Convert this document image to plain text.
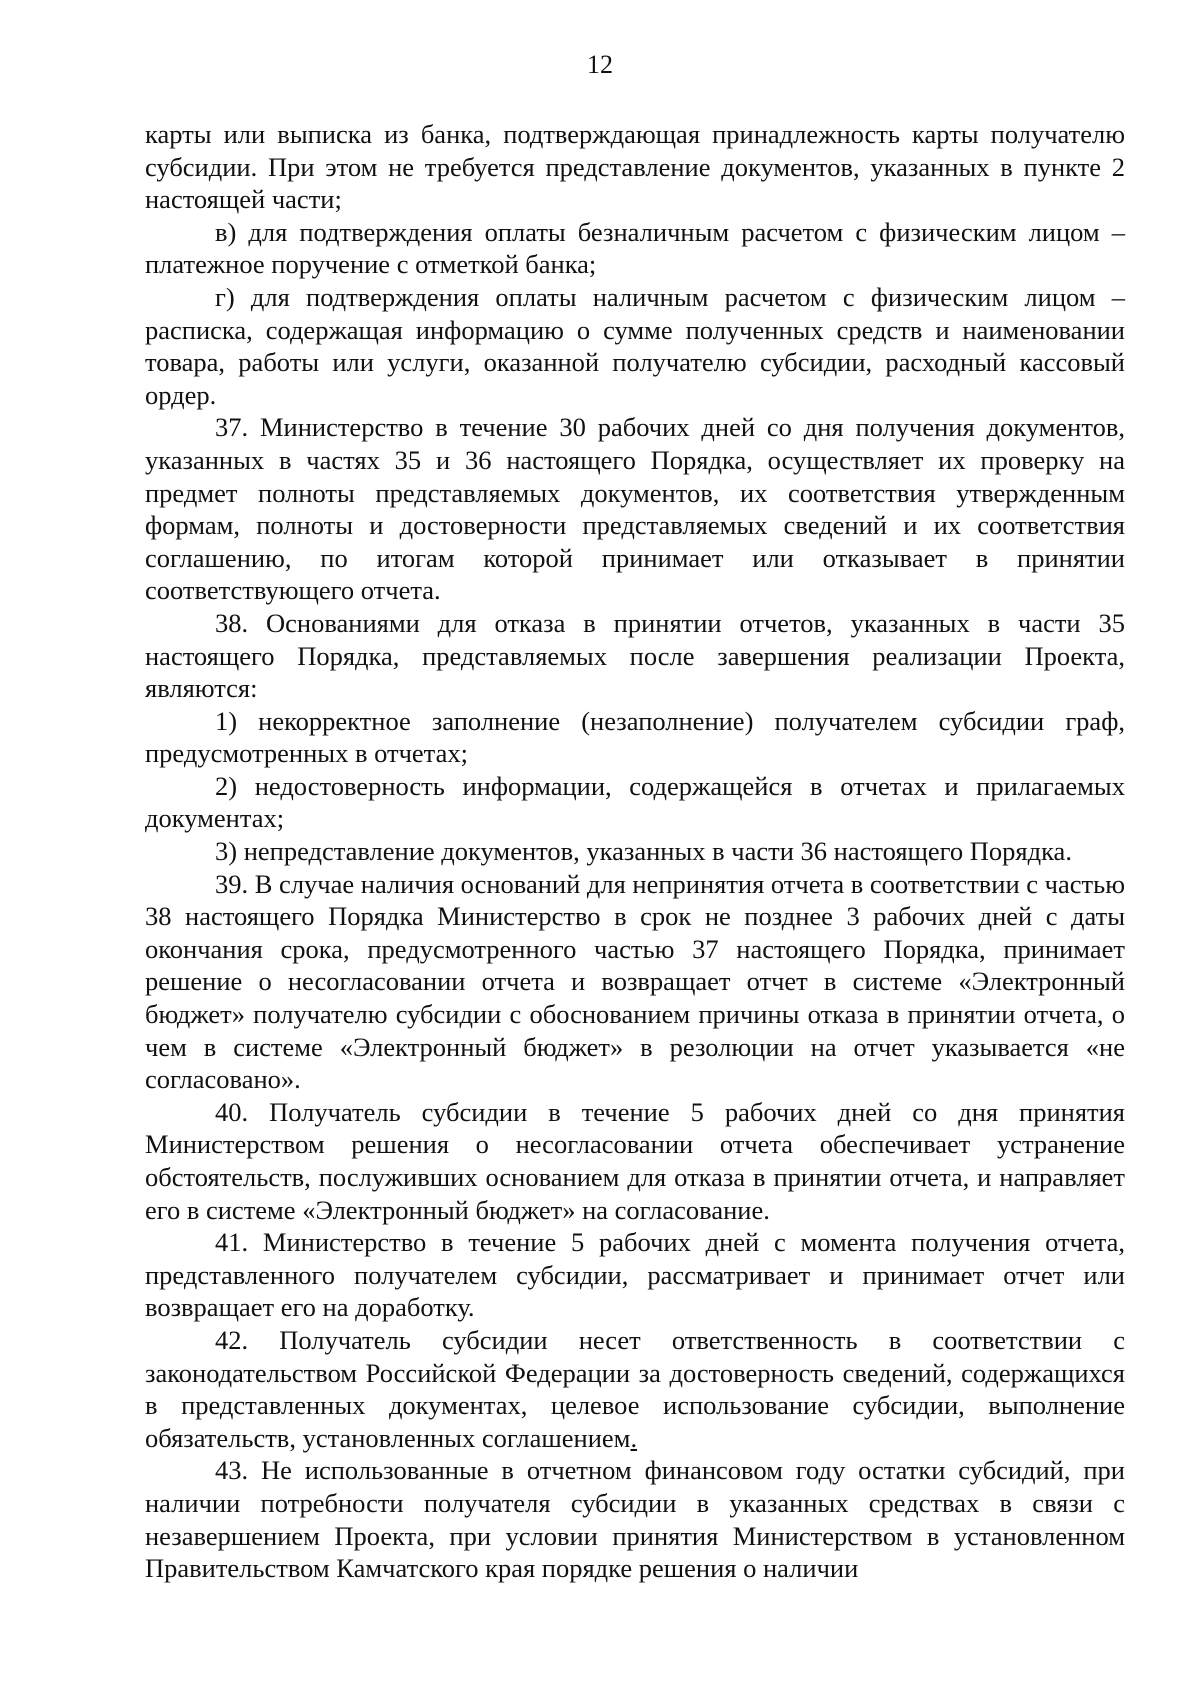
12

карты или выписка из банка, подтверждающая принадлежность карты получателю субсидии. При этом не требуется представление документов, указанных в пункте 2 настоящей части;

в) для подтверждения оплаты безналичным расчетом с физическим лицом – платежное поручение с отметкой банка;

г) для подтверждения оплаты наличным расчетом с физическим лицом – расписка, содержащая информацию о сумме полученных средств и наименовании товара, работы или услуги, оказанной получателю субсидии, расходный кассовый ордер.

37. Министерство в течение 30 рабочих дней со дня получения документов, указанных в частях 35 и 36 настоящего Порядка, осуществляет их проверку на предмет полноты представляемых документов, их соответствия утвержденным формам, полноты и достоверности представляемых сведений и их соответствия соглашению, по итогам которой принимает или отказывает в принятии соответствующего отчета.

38. Основаниями для отказа в принятии отчетов, указанных в части 35 настоящего Порядка, представляемых после завершения реализации Проекта, являются:

1) некорректное заполнение (незаполнение) получателем субсидии граф, предусмотренных в отчетах;

2) недостоверность информации, содержащейся в отчетах и прилагаемых документах;

3) непредставление документов, указанных в части 36 настоящего Порядка.

39. В случае наличия оснований для непринятия отчета в соответствии с частью 38 настоящего Порядка Министерство в срок не позднее 3 рабочих дней с даты окончания срока, предусмотренного частью 37 настоящего Порядка, принимает решение о несогласовании отчета и возвращает отчет в системе «Электронный бюджет» получателю субсидии с обоснованием причины отказа в принятии отчета, о чем в системе «Электронный бюджет» в резолюции на отчет указывается «не согласовано».

40. Получатель субсидии в течение 5 рабочих дней со дня принятия Министерством решения о несогласовании отчета обеспечивает устранение обстоятельств, послуживших основанием для отказа в принятии отчета, и направляет его в системе «Электронный бюджет» на согласование.

41. Министерство в течение 5 рабочих дней с момента получения отчета, представленного получателем субсидии, рассматривает и принимает отчет или возвращает его на доработку.

42. Получатель субсидии несет ответственность в соответствии с законодательством Российской Федерации за достоверность сведений, содержащихся в представленных документах, целевое использование субсидии, выполнение обязательств, установленных соглашением.

43. Не использованные в отчетном финансовом году остатки субсидий, при наличии потребности получателя субсидии в указанных средствах в связи с незавершением Проекта, при условии принятия Министерством в установленном Правительством Камчатского края порядке решения о наличии
